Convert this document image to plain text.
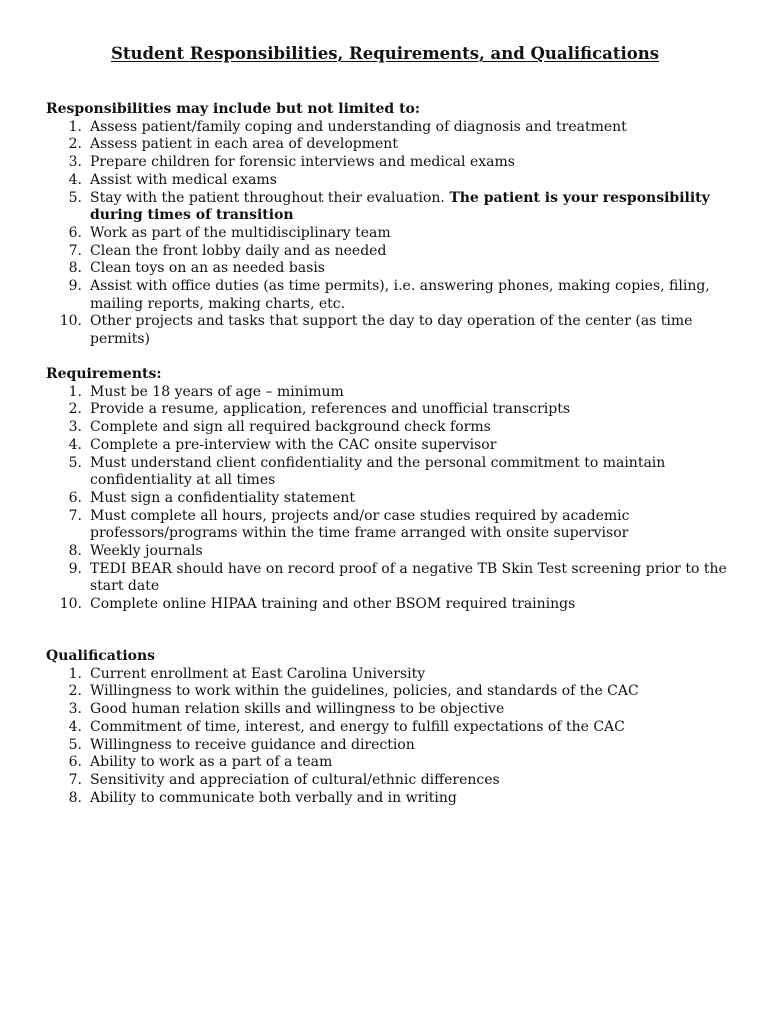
Student Responsibilities, Requirements, and Qualifications
Responsibilities may include but not limited to:
1. Assess patient/family coping and understanding of diagnosis and treatment
2. Assess patient in each area of development
3. Prepare children for forensic interviews and medical exams
4. Assist with medical exams
5. Stay with the patient throughout their evaluation. The patient is your responsibility during times of transition
6. Work as part of the multidisciplinary team
7. Clean the front lobby daily and as needed
8. Clean toys on an as needed basis
9. Assist with office duties (as time permits), i.e. answering phones, making copies, filing, mailing reports, making charts, etc.
10. Other projects and tasks that support the day to day operation of the center (as time permits)
Requirements:
1. Must be 18 years of age – minimum
2. Provide a resume, application, references and unofficial transcripts
3. Complete and sign all required background check forms
4. Complete a pre-interview with the CAC onsite supervisor
5. Must understand client confidentiality and the personal commitment to maintain confidentiality at all times
6. Must sign a confidentiality statement
7. Must complete all hours, projects and/or case studies required by academic professors/programs within the time frame arranged with onsite supervisor
8. Weekly journals
9. TEDI BEAR should have on record proof of a negative TB Skin Test screening prior to the start date
10. Complete online HIPAA training and other BSOM required trainings
Qualifications
1. Current enrollment at East Carolina University
2. Willingness to work within the guidelines, policies, and standards of the CAC
3. Good human relation skills and willingness to be objective
4. Commitment of time, interest, and energy to fulfill expectations of the CAC
5. Willingness to receive guidance and direction
6. Ability to work as a part of a team
7. Sensitivity and appreciation of cultural/ethnic differences
8. Ability to communicate both verbally and in writing
